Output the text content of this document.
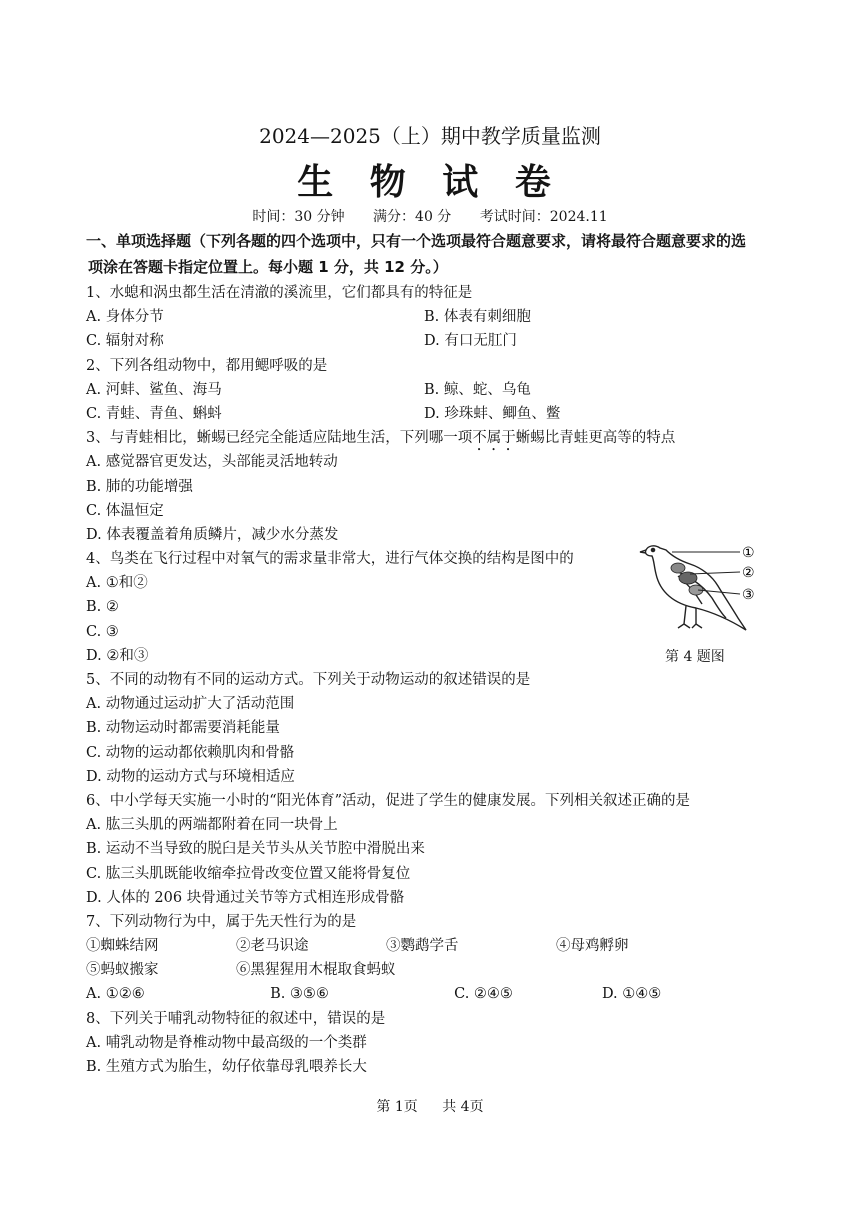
2024—2025（上）期中教学质量监测
生 物 试 卷
时间：30 分钟 满分：40 分 考试时间：2024.11
一、单项选择题（下列各题的四个选项中，只有一个选项最符合题意要求，请将最符合题意要求的选
项涂在答题卡指定位置上。每小题 1 分，共 12 分。）
1、水螅和涡虫都生活在清澈的溪流里，它们都具有的特征是
A. 身体分节	B. 体表有刺细胞
C. 辐射对称	D. 有口无肛门
2、下列各组动物中，都用鳃呼吸的是
A. 河蚌、鲨鱼、海马	B. 鲸、蛇、乌龟
C. 青蛙、青鱼、蝌蚪	D. 珍珠蚌、鲫鱼、鳖
3、与青蛙相比，蜥蜴已经完全能适应陆地生活，下列哪一项不属于蜥蜴比青蛙更高等的特点
A. 感觉器官更发达，头部能灵活地转动
B. 肺的功能增强
C. 体温恒定
D. 体表覆盖着角质鳞片，减少水分蒸发
4、鸟类在飞行过程中对氧气的需求量非常大，进行气体交换的结构是图中的
A. ①和②
B. ②
C. ③
D. ②和③
5、不同的动物有不同的运动方式。下列关于动物运动的叙述错误的是
A. 动物通过运动扩大了活动范围
B. 动物运动时都需要消耗能量
C. 动物的运动都依赖肌肉和骨骼
D. 动物的运动方式与环境相适应
6、中小学每天实施一小时的“阳光体育”活动，促进了学生的健康发展。下列相关叙述正确的是
A. 肱三头肌的两端都附着在同一块骨上
B. 运动不当导致的脱臼是关节头从关节腔中滑脱出来
C. 肱三头肌既能收缩牵拉骨改变位置又能将骨复位
D. 人体的 206 块骨通过关节等方式相连形成骨骼
7、下列动物行为中，属于先天性行为的是
①蜘蛛结网	②老马识途	③鹦鹉学舌	④母鸡孵卵
⑤蚂蚁搬家	⑥黑猩猩用木棍取食蚂蚁
A. ①②⑥	B. ③⑤⑥	C. ②④⑤	D. ①④⑤
8、下列关于哺乳动物特征的叙述中，错误的是
A. 哺乳动物是脊椎动物中最高级的一个类群
B. 生殖方式为胎生，幼仔依靠母乳喂养长大
①
②
③
第 4 题图
第 1页 共 4页
